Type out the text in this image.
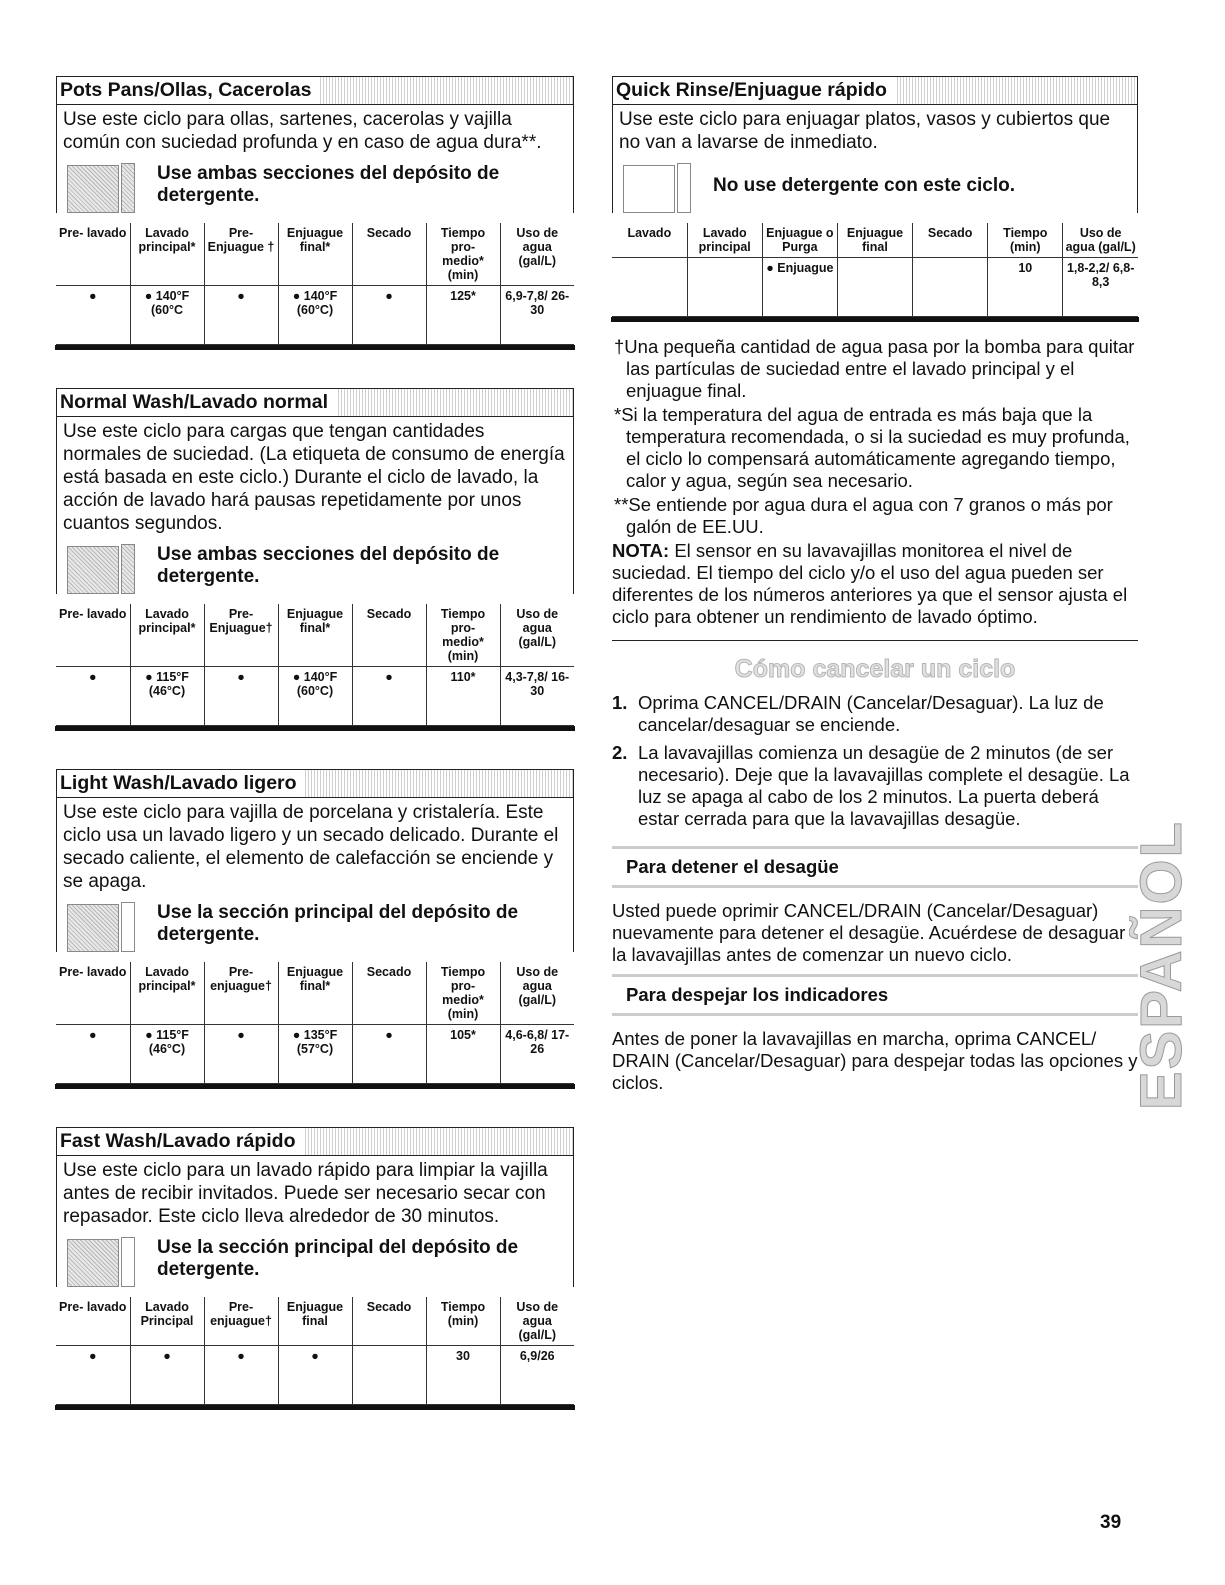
Pots Pans/Ollas, Cacerolas

Use este ciclo para ollas, sartenes, cacerolas y vajilla común con suciedad profunda y en caso de agua dura**.

Use ambas secciones del depósito de detergente.
Pre- lavado	Lavado principal*	Pre- Enjuague †	Enjuague final*	Secado	Tiempo pro- medio* (min)	Uso de agua (gal/L)
●	● 140°F (60°C	●	● 140°F (60°C)	●	125*	6,9-7,8/ 26-30
Normal Wash/Lavado normal

Use este ciclo para cargas que tengan cantidades normales de suciedad. (La etiqueta de consumo de energía está basada en este ciclo.) Durante el ciclo de lavado, la acción de lavado hará pausas repetidamente por unos cuantos segundos.

Use ambas secciones del depósito de detergente.
Pre- lavado	Lavado principal*	Pre- Enjuague†	Enjuague final*	Secado	Tiempo pro- medio* (min)	Uso de agua (gal/L)
●	● 115°F (46°C)	●	● 140°F (60°C)	●	110*	4,3-7,8/ 16-30
Light Wash/Lavado ligero

Use este ciclo para vajilla de porcelana y cristalería. Este ciclo usa un lavado ligero y un secado delicado. Durante el secado caliente, el elemento de calefacción se enciende y se apaga.

Use la sección principal del depósito de detergente.
Pre- lavado	Lavado principal*	Pre- enjuague†	Enjuague final*	Secado	Tiempo pro- medio* (min)	Uso de agua (gal/L)
●	● 115°F (46°C)	●	● 135°F (57°C)	●	105*	4,6-6,8/ 17-26
Fast Wash/Lavado rápido

Use este ciclo para un lavado rápido para limpiar la vajilla antes de recibir invitados. Puede ser necesario secar con repasador. Este ciclo lleva alrededor de 30 minutos.

Use la sección principal del depósito de detergente.
Pre- lavado	Lavado Principal	Pre- enjuague†	Enjuague final	Secado	Tiempo (min)	Uso de agua (gal/L)
●	●	●	●		30	6,9/26
Quick Rinse/Enjuague rápido

Use este ciclo para enjuagar platos, vasos y cubiertos que no van a lavarse de inmediato.

No use detergente con este ciclo.
Lavado	Lavado principal	Enjuague o Purga	Enjuague final	Secado	Tiempo (min)	Uso de agua (gal/L)
		● Enjuague			10	1,8-2,2/ 6,8-8,3

†Una pequeña cantidad de agua pasa por la bomba para quitar las partículas de suciedad entre el lavado principal y el enjuague final.

*Si la temperatura del agua de entrada es más baja que la temperatura recomendada, o si la suciedad es muy profunda, el ciclo lo compensará automáticamente agregando tiempo, calor y agua, según sea necesario.

**Se entiende por agua dura el agua con 7 granos o más por galón de EE.UU.

NOTA: El sensor en su lavavajillas monitorea el nivel de suciedad. El tiempo del ciclo y/o el uso del agua pueden ser diferentes de los números anteriores ya que el sensor ajusta el ciclo para obtener un rendimiento de lavado óptimo.
Cómo cancelar un ciclo
1. Oprima CANCEL/DRAIN (Cancelar/Desaguar). La luz de cancelar/desaguar se enciende.
2. La lavavajillas comienza un desagüe de 2 minutos (de ser necesario). Deje que la lavavajillas complete el desagüe. La luz se apaga al cabo de los 2 minutos. La puerta deberá estar cerrada para que la lavavajillas desagüe.
Para detener el desagüe

Usted puede oprimir CANCEL/DRAIN (Cancelar/Desaguar) nuevamente para detener el desagüe. Acuérdese de desaguar la lavavajillas antes de comenzar un nuevo ciclo.

Para despejar los indicadores

Antes de poner la lavavajillas en marcha, oprima CANCEL/ DRAIN (Cancelar/Desaguar) para despejar todas las opciones y ciclos.	ESPAÑOL
39
